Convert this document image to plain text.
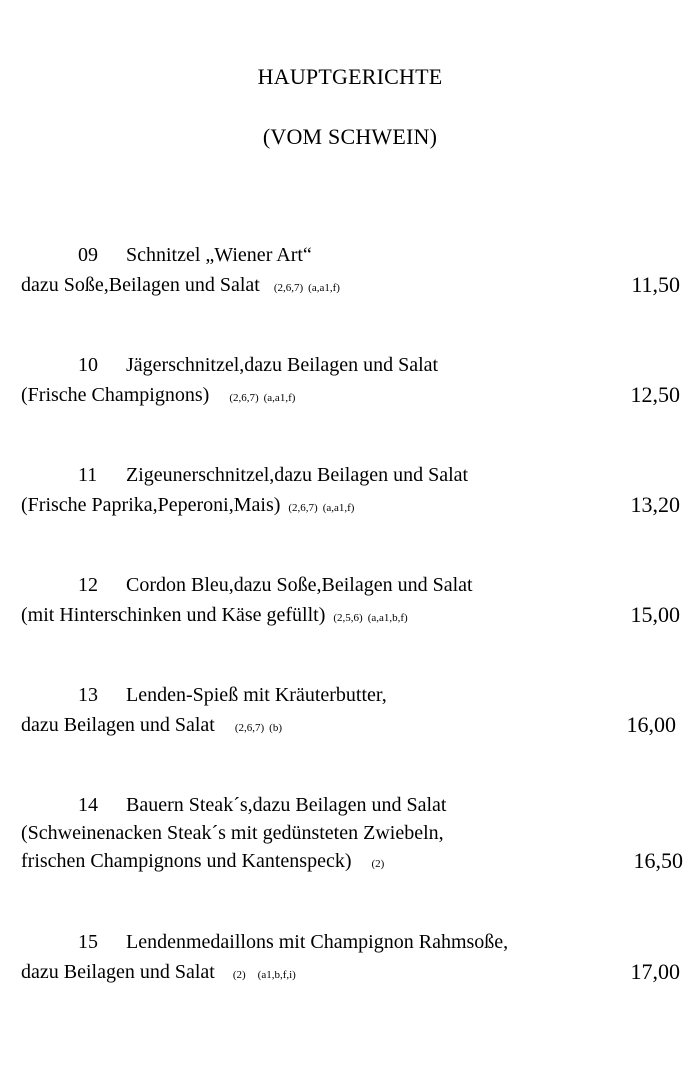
HAUPTGERICHTE
(VOM SCHWEIN)
09 Schnitzel „Wiener Art“
dazu Soße,Beilagen und Salat (2,6,7) (a,a1,f)	11,50
10 Jägerschnitzel,dazu Beilagen und Salat
(Frische Champignons) (2,6,7) (a,a1,f)	12,50
11 Zigeunerschnitzel,dazu Beilagen und Salat
(Frische Paprika,Peperoni,Mais) (2,6,7) (a,a1,f)	13,20
12 Cordon Bleu,dazu Soße,Beilagen und Salat
(mit Hinterschinken und Käse gefüllt) (2,5,6) (a,a1,b,f)	15,00
13 Lenden-Spieß mit Kräuterbutter,
dazu Beilagen und Salat (2,6,7) (b)	16,00
14 Bauern Steak´s,dazu Beilagen und Salat
(Schweinenacken Steak´s mit gedünsteten Zwiebeln,
frischen Champignons und Kantenspeck) (2)	16,50
15 Lendenmedaillons mit Champignon Rahmsoße,
dazu Beilagen und Salat (2) (a1,b,f,i)	17,00
